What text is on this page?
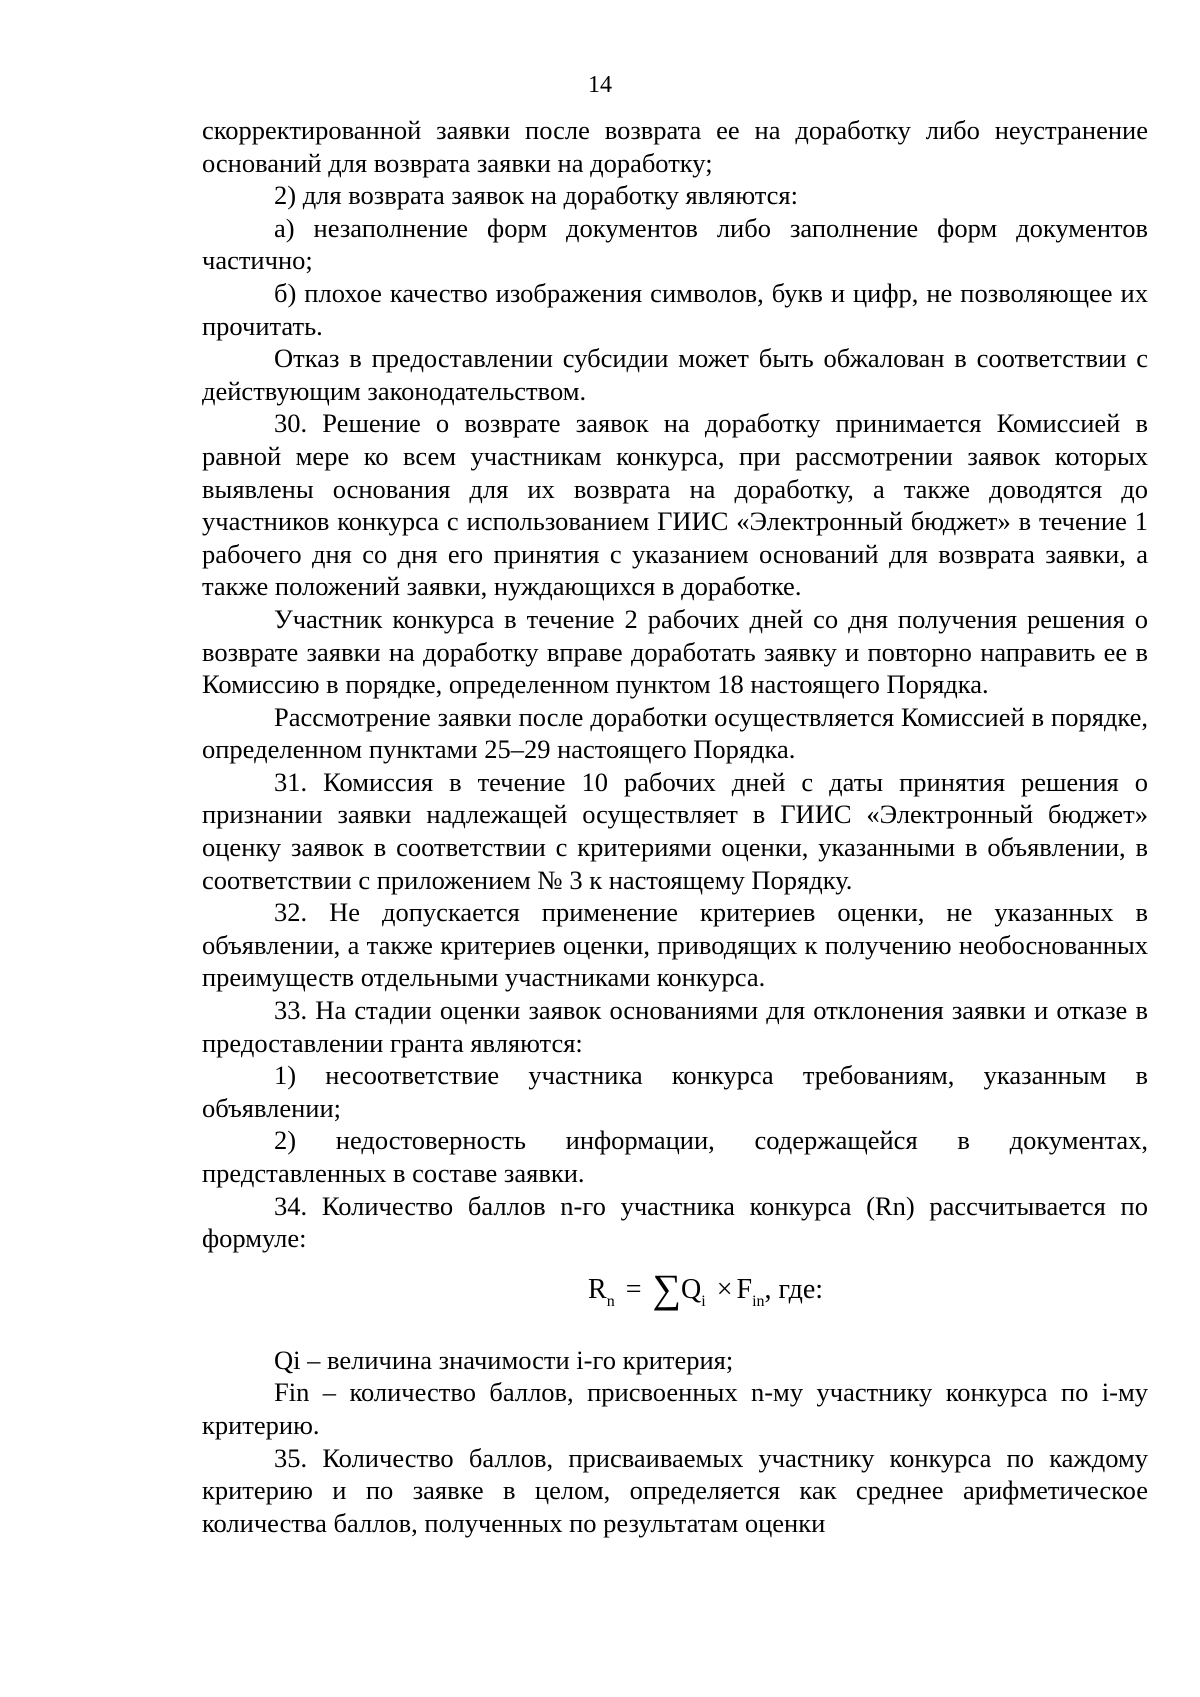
14

скорректированной заявки после возврата ее на доработку либо неустранение оснований для возврата заявки на доработку;

2) для возврата заявок на доработку являются:

а) незаполнение форм документов либо заполнение форм документов частично;

б) плохое качество изображения символов, букв и цифр, не позволяющее их прочитать.

Отказ в предоставлении субсидии может быть обжалован в соответствии с действующим законодательством.

30. Решение о возврате заявок на доработку принимается Комиссией в равной мере ко всем участникам конкурса, при рассмотрении заявок которых выявлены основания для их возврата на доработку, а также доводятся до участников конкурса с использованием ГИИС «Электронный бюджет» в течение 1 рабочего дня со дня его принятия с указанием оснований для возврата заявки, а также положений заявки, нуждающихся в доработке.

Участник конкурса в течение 2 рабочих дней со дня получения решения о возврате заявки на доработку вправе доработать заявку и повторно направить ее в Комиссию в порядке, определенном пунктом 18 настоящего Порядка.

Рассмотрение заявки после доработки осуществляется Комиссией в порядке, определенном пунктами 25–29 настоящего Порядка.

31. Комиссия в течение 10 рабочих дней с даты принятия решения о признании заявки надлежащей осуществляет в ГИИС «Электронный бюджет» оценку заявок в соответствии с критериями оценки, указанными в объявлении, в соответствии с приложением № 3 к настоящему Порядку.

32. Не допускается применение критериев оценки, не указанных в объявлении, а также критериев оценки, приводящих к получению необоснованных преимуществ отдельными участниками конкурса.

33. На стадии оценки заявок основаниями для отклонения заявки и отказе в предоставлении гранта являются:

1) несоответствие участника конкурса требованиям, указанным в объявлении;

2) недостоверность информации, содержащейся в документах, представленных в составе заявки.

34. Количество баллов n-го участника конкурса (Rn) рассчитывается по формуле:

$R_n = \sum Q_i \times F_{in}$, где:

Qi – величина значимости i-го критерия;

Fin – количество баллов, присвоенных n-му участнику конкурса по i-му критерию.

35. Количество баллов, присваиваемых участнику конкурса по каждому критерию и по заявке в целом, определяется как среднее арифметическое количества баллов, полученных по результатам оценки
